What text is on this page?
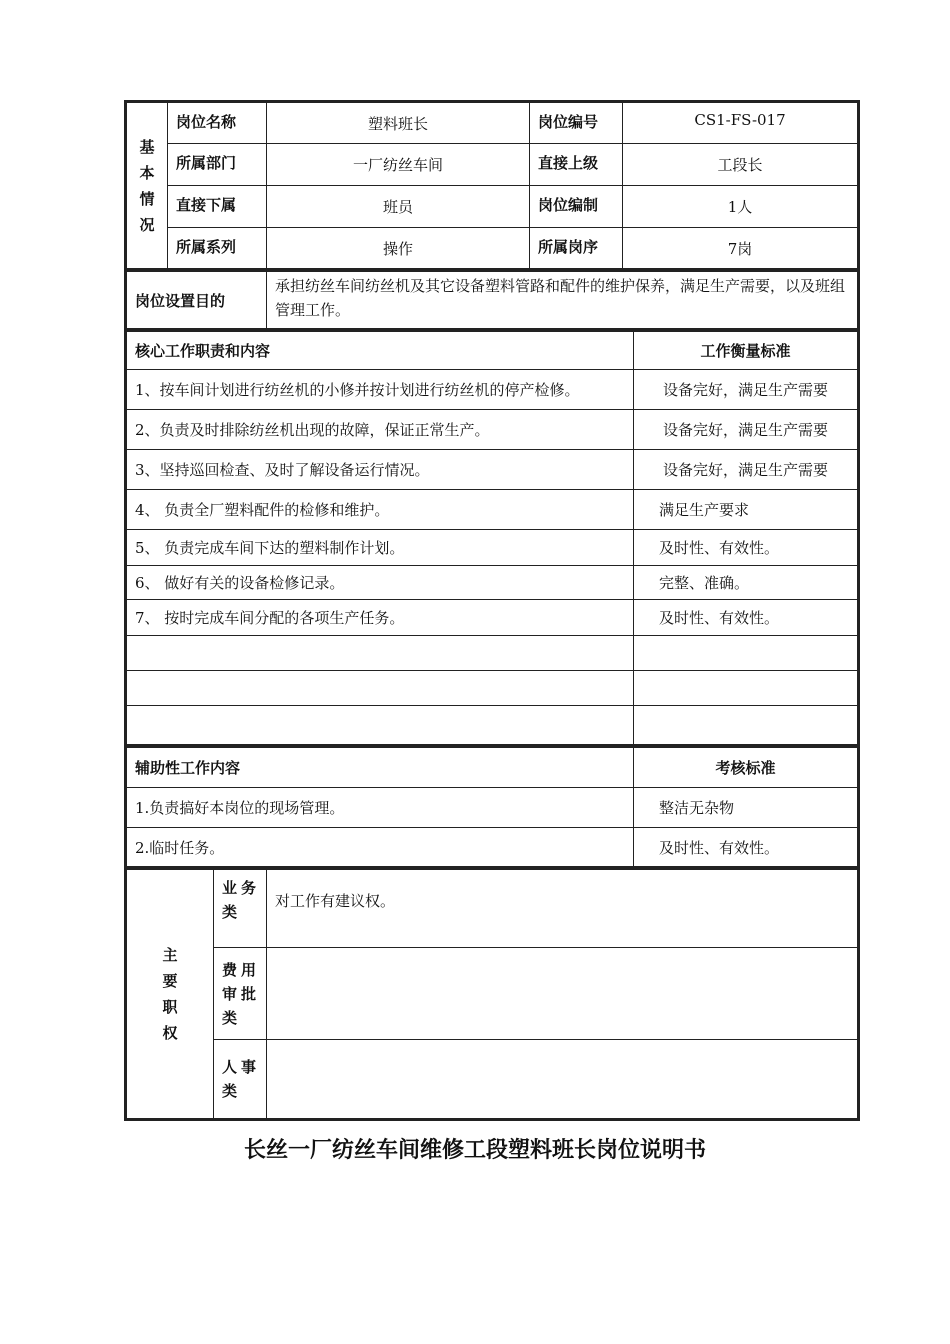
基
本
情
况	岗位名称	塑料班长	岗位编号	CS1-FS-017
	所属部门	一厂纺丝车间	直接上级	工段长
	直接下属	班员	岗位编制	1人
	所属系列	操作	所属岗序	7岗
岗位设置目的	承担纺丝车间纺丝机及其它设备塑料管路和配件的维护保养，满足生产需要，以及班组管理工作。
核心工作职责和内容	工作衡量标准
1、按车间计划进行纺丝机的小修并按计划进行纺丝机的停产检修。	设备完好，满足生产需要
2、负责及时排除纺丝机出现的故障，保证正常生产。	设备完好，满足生产需要
3、坚持巡回检查、及时了解设备运行情况。	设备完好，满足生产需要
4、 负责全厂塑料配件的检修和维护。	满足生产要求
5、 负责完成车间下达的塑料制作计划。	及时性、有效性。
6、 做好有关的设备检修记录。	完整、准确。
7、 按时完成车间分配的各项生产任务。	及时性、有效性。

辅助性工作内容	考核标准
1.负责搞好本岗位的现场管理。	整洁无杂物
2.临时任务。	及时性、有效性。
主
要
职
权	业务类	对工作有建议权。
	费用审批类	
	人事类	
长丝一厂纺丝车间维修工段塑料班长岗位说明书
